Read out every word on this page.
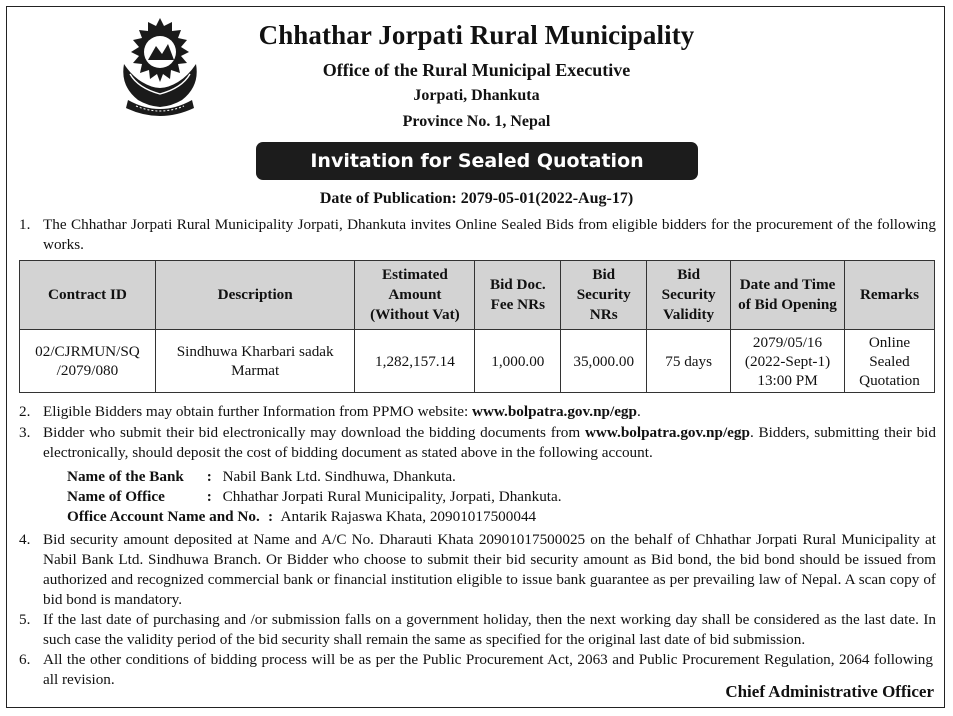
Chhathar Jorpati Rural Municipality
Office of the Rural Municipal Executive
Jorpati, Dhankuta
Province No. 1, Nepal
Invitation for Sealed Quotation
Date of Publication: 2079-05-01(2022-Aug-17)
1. The Chhathar Jorpati Rural Municipality Jorpati, Dhankuta invites Online Sealed Bids from eligible bidders for the procurement of the following works.
Contract ID	Description	Estimated Amount (Without Vat)	Bid Doc. Fee NRs	Bid Security NRs	Bid Security Validity	Date and Time of Bid Opening	Remarks
02/CJRMUN/SQ /2079/080	Sindhuwa Kharbari sadak Marmat	1,282,157.14	1,000.00	35,000.00	75 days	2079/05/16 (2022-Sept-1) 13:00 PM	Online Sealed Quotation
2. Eligible Bidders may obtain further Information from PPMO website: www.bolpatra.gov.np/egp.
3. Bidder who submit their bid electronically may download the bidding documents from www.bolpatra.gov.np/egp. Bidders, submitting their bid electronically, should deposit the cost of bidding document as stated above in the following account.
Name of the Bank : Nabil Bank Ltd. Sindhuwa, Dhankuta.
Name of Office	: Chhathar Jorpati Rural Municipality, Jorpati, Dhankuta.
Office Account Name and No. : Antarik Rajaswa Khata, 20901017500044
4. Bid security amount deposited at Name and A/C No. Dharauti Khata 20901017500025 on the behalf of Chhathar Jorpati Rural Municipality at Nabil Bank Ltd. Sindhuwa Branch. Or Bidder who choose to submit their bid security amount as Bid bond, the bid bond should be issued from authorized and recognized commercial bank or financial institution eligible to issue bank guarantee as per prevailing law of Nepal. A scan copy of bid bond is mandatory.
5. If the last date of purchasing and /or submission falls on a government holiday, then the next working day shall be considered as the last date. In such case the validity period of the bid security shall remain the same as specified for the original last date of bid submission.
6. All the other conditions of bidding process will be as per the Public Procurement Act, 2063 and Public Procurement Regulation, 2064 following all revision.
Chief Administrative Officer
